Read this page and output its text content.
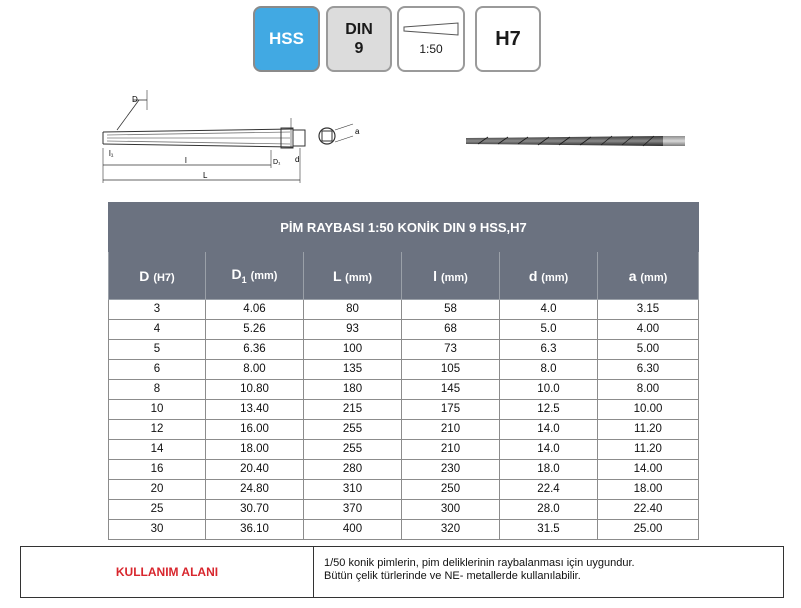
HSS	DIN
9	1:50	H7
D
l₁
l
L
D₁ d
a
PİM RAYBASI 1:50 KONİK DIN 9 HSS,H7					
D (H7)	$D_1$ (mm)	L (mm)	l (mm)	d (mm)	a (mm)
3	4.06	80	58	4.0	3.15
4	5.26	93	68	5.0	4.00
5	6.36	100	73	6.3	5.00
6	8.00	135	105	8.0	6.30
8	10.80	180	145	10.0	8.00
10	13.40	215	175	12.5	10.00
12	16.00	255	210	14.0	11.20
14	18.00	255	210	14.0	11.20
16	20.40	280	230	18.0	14.00
20	24.80	310	250	22.4	18.00
25	30.70	370	300	28.0	22.40
30	36.10	400	320	31.5	25.00
KULLANIM ALANI
1/50 konik pimlerin, pim deliklerinin raybalanması için uygundur.
Bütün çelik türlerinde ve NE- metallerde kullanılabilir.
